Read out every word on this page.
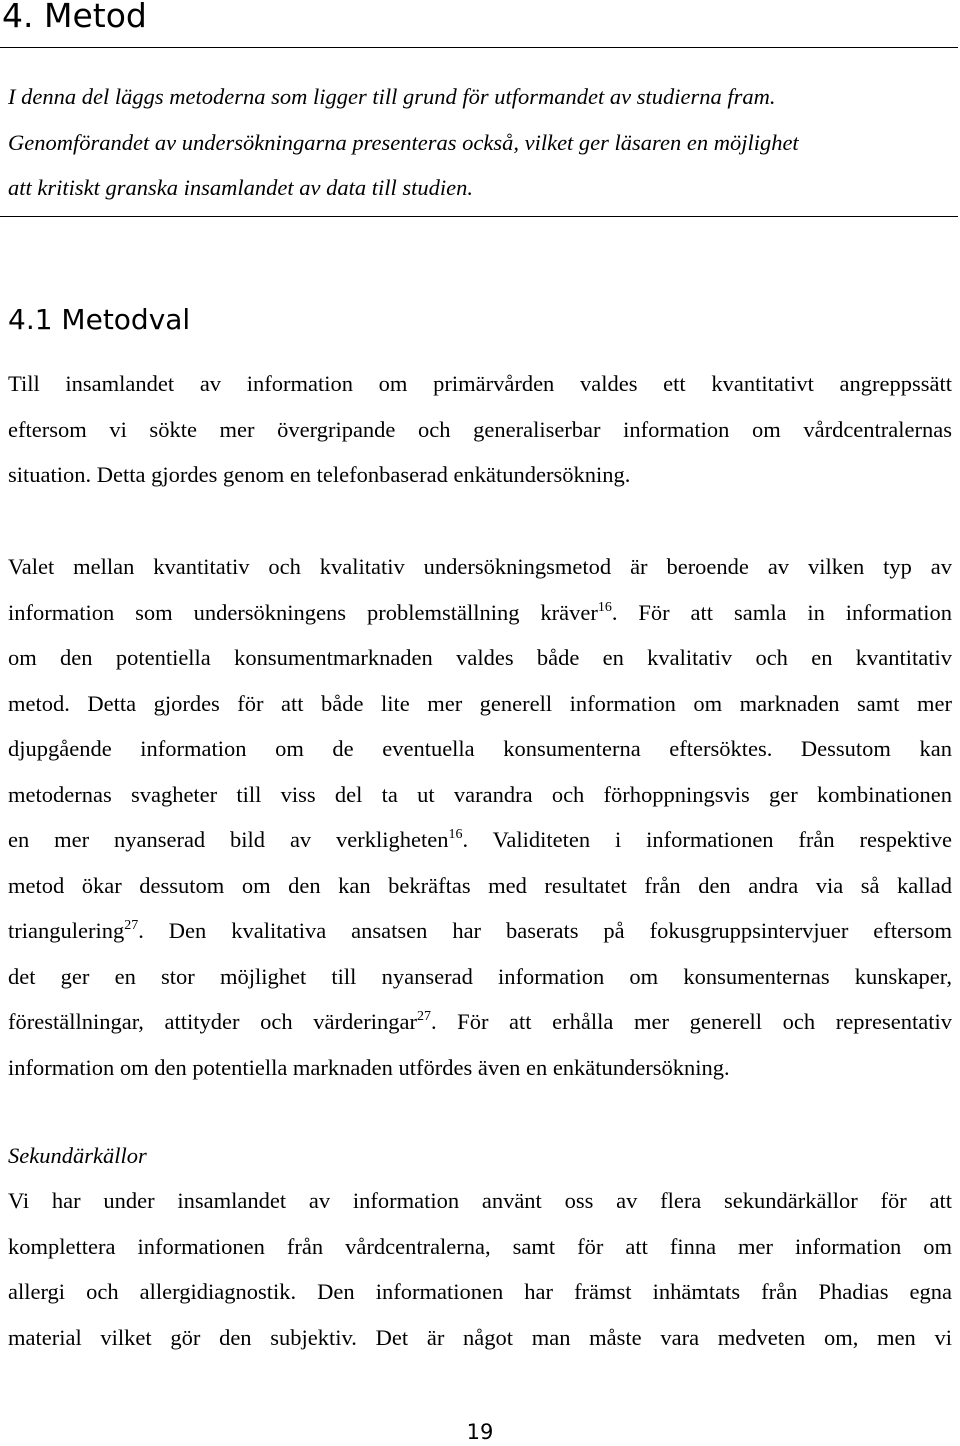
4. Metod
I denna del läggs metoderna som ligger till grund för utformandet av studierna fram.
Genomförandet av undersökningarna presenteras också, vilket ger läsaren en möjlighet
att kritiskt granska insamlandet av data till studien.
4.1 Metodval
Till insamlandet av information om primärvården valdes ett kvantitativt angreppssätt
eftersom vi sökte mer övergripande och generaliserbar information om vårdcentralernas
situation. Detta gjordes genom en telefonbaserad enkätundersökning.
Valet mellan kvantitativ och kvalitativ undersökningsmetod är beroende av vilken typ av
information som undersökningens problemställning kräver$^{16}$. För att samla in information
om den potentiella konsumentmarknaden valdes både en kvalitativ och en kvantitativ
metod. Detta gjordes för att både lite mer generell information om marknaden samt mer
djupgående information om de eventuella konsumenterna eftersöktes. Dessutom kan
metodernas svagheter till viss del ta ut varandra och förhoppningsvis ger kombinationen
en mer nyanserad bild av verkligheten$^{16}$. Validiteten i informationen från respektive
metod ökar dessutom om den kan bekräftas med resultatet från den andra via så kallad
triangulering$^{27}$. Den kvalitativa ansatsen har baserats på fokusgruppsintervjuer eftersom
det ger en stor möjlighet till nyanserad information om konsumenternas kunskaper,
föreställningar, attityder och värderingar$^{27}$. För att erhålla mer generell och representativ
information om den potentiella marknaden utfördes även en enkätundersökning.
Sekundärkällor
Vi har under insamlandet av information använt oss av flera sekundärkällor för att
komplettera informationen från vårdcentralerna, samt för att finna mer information om
allergi och allergidiagnostik. Den informationen har främst inhämtats från Phadias egna
material vilket gör den subjektiv. Det är något man måste vara medveten om, men vi
19
